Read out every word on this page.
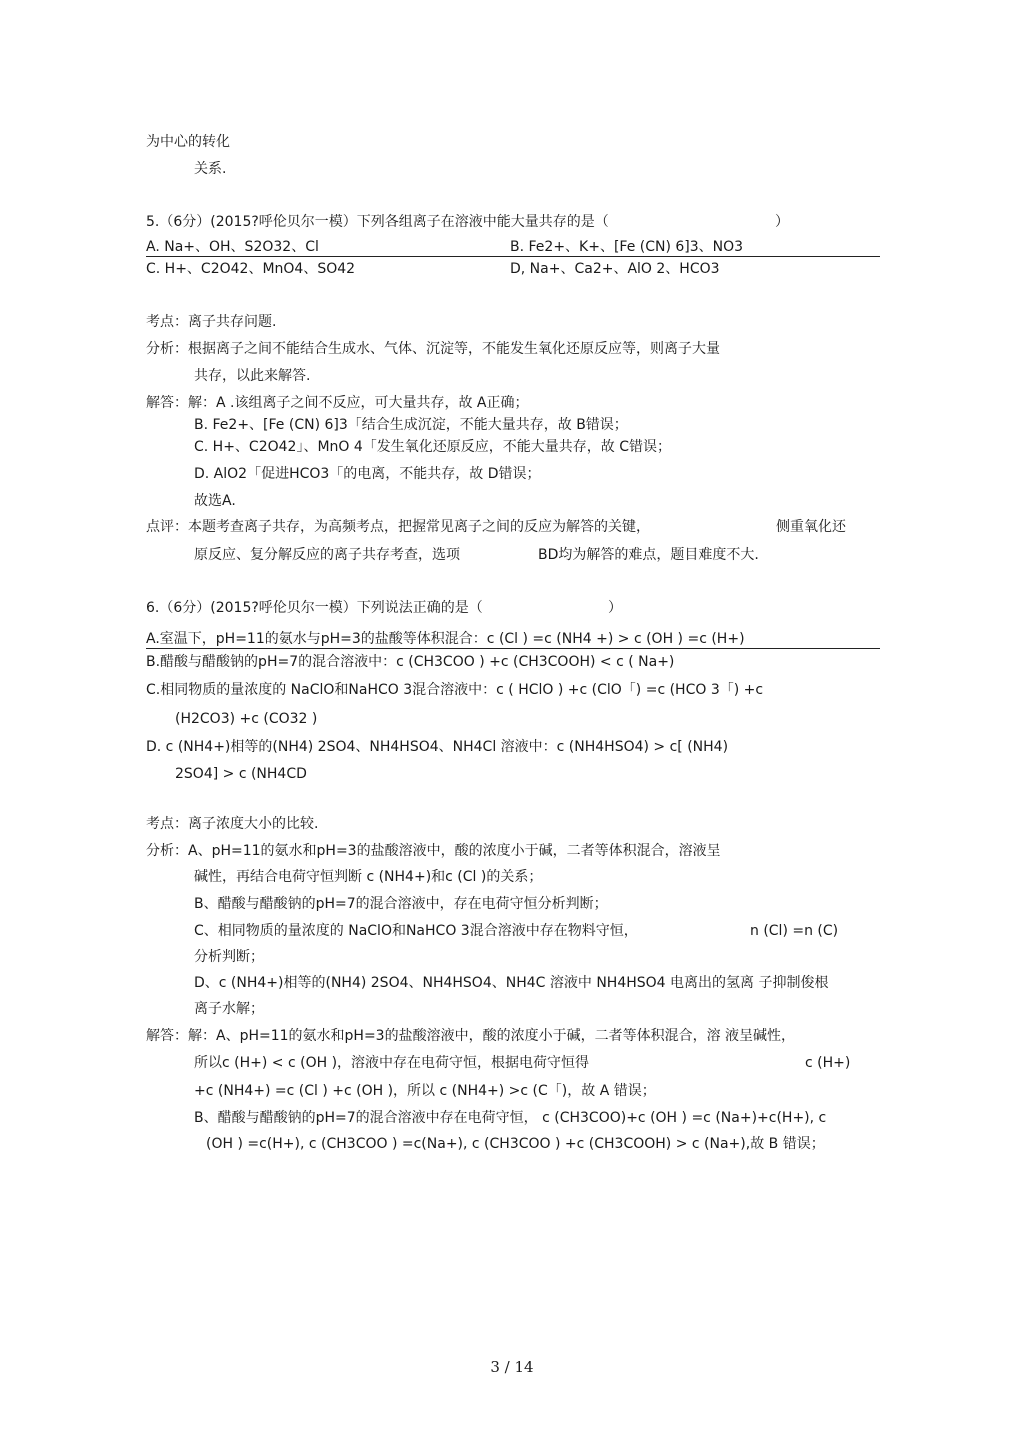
为中心的转化
关系.
5.（6分）(2015?呼伦贝尔一模）下列各组离子在溶液中能大量共存的是（	）
A. Na+、OH、S2O32、Cl	B. Fe2+、K+、[Fe (CN) 6]3、NO3
C. H+、C2O42、MnO4、SO42	D, Na+、Ca2+、AlO 2、HCO3
考点：离子共存问题.
分析：根据离子之间不能结合生成水、气体、沉淀等，不能发生氧化还原反应等，则离子大量
共存，以此来解答.
解答：解：A .该组离子之间不反应，可大量共存，故 A正确；
B. Fe2+、[Fe (CN) 6]3「结合生成沉淀，不能大量共存，故 B错误；
C. H+、C2O42」、MnO 4「发生氧化还原反应，不能大量共存，故 C错误；
D. AlO2「促进HCO3「的电离，不能共存，故 D错误；
故选A.
点评：本题考查离子共存，为高频考点，把握常见离子之间的反应为解答的关键，	侧重氧化还
原反应、复分解反应的离子共存考查，选项	BD均为解答的难点，题目难度不大.
6.（6分）(2015?呼伦贝尔一模）下列说法正确的是（	）
A.室温下，pH=11的氨水与pH=3的盐酸等体积混合：c (Cl ) =c (NH4 +) > c (OH ) =c (H+)
B.醋酸与醋酸钠的pH=7的混合溶液中：c (CH3COO ) +c (CH3COOH) < c ( Na+)
C.相同物质的量浓度的 NaClO和NaHCO 3混合溶液中：c ( HClO ) +c (ClO「) =c (HCO 3「) +c
(H2CO3) +c (CO32 )
D. c (NH4+)相等的(NH4) 2SO4、NH4HSO4、NH4Cl 溶液中：c (NH4HSO4) > c[ (NH4)
2SO4] > c (NH4CD
考点：离子浓度大小的比较.
分析：A、pH=11的氨水和pH=3的盐酸溶液中，酸的浓度小于碱，二者等体积混合，溶液呈
碱性，再结合电荷守恒判断 c (NH4+)和c (Cl )的关系；
B、醋酸与醋酸钠的pH=7的混合溶液中，存在电荷守恒分析判断；
C、相同物质的量浓度的 NaClO和NaHCO 3混合溶液中存在物料守恒，	n (Cl) =n (C)
分析判断；
D、c (NH4+)相等的(NH4) 2SO4、NH4HSO4、NH4C 溶液中 NH4HSO4 电离出的氢离 子抑制俊根
离子水解；
解答：解：A、pH=11的氨水和pH=3的盐酸溶液中，酸的浓度小于碱，二者等体积混合，溶 液呈碱性，
所以c (H+) < c (OH )，溶液中存在电荷守恒，根据电荷守恒得	c (H+)
+c (NH4+) =c (Cl ) +c (OH )，所以 c (NH4+) >c (C「)，故 A 错误；
B、醋酸与醋酸钠的pH=7的混合溶液中存在电荷守恒， c (CH3COO)+c (OH ) =c (Na+)+c(H+), c
(OH ) =c(H+), c (CH3COO ) =c(Na+), c (CH3COO ) +c (CH3COOH) > c (Na+),故 B 错误；
3 / 14
